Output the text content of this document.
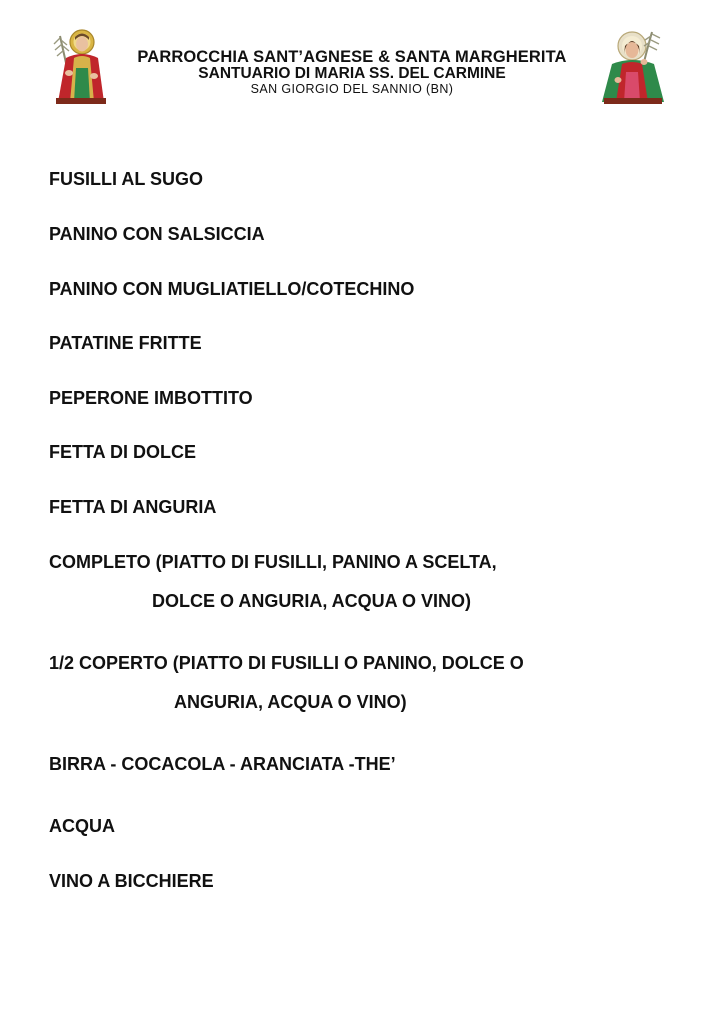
PARROCCHIA SANT’AGNESE & SANTA MARGHERITA
SANTUARIO DI MARIA SS. DEL CARMINE
SAN GIORGIO DEL SANNIO (BN)
FUSILLI AL SUGO
PANINO CON SALSICCIA
PANINO CON MUGLIATIELLO/COTECHINO
PATATINE FRITTE
PEPERONE IMBOTTITO
FETTA DI DOLCE
FETTA DI ANGURIA
COMPLETO (PIATTO DI FUSILLI, PANINO A SCELTA,
DOLCE O ANGURIA, ACQUA O VINO)
1/2 COPERTO (PIATTO DI FUSILLI O PANINO, DOLCE O
ANGURIA, ACQUA O VINO)
BIRRA - COCACOLA - ARANCIATA -THE’
ACQUA
VINO A BICCHIERE
